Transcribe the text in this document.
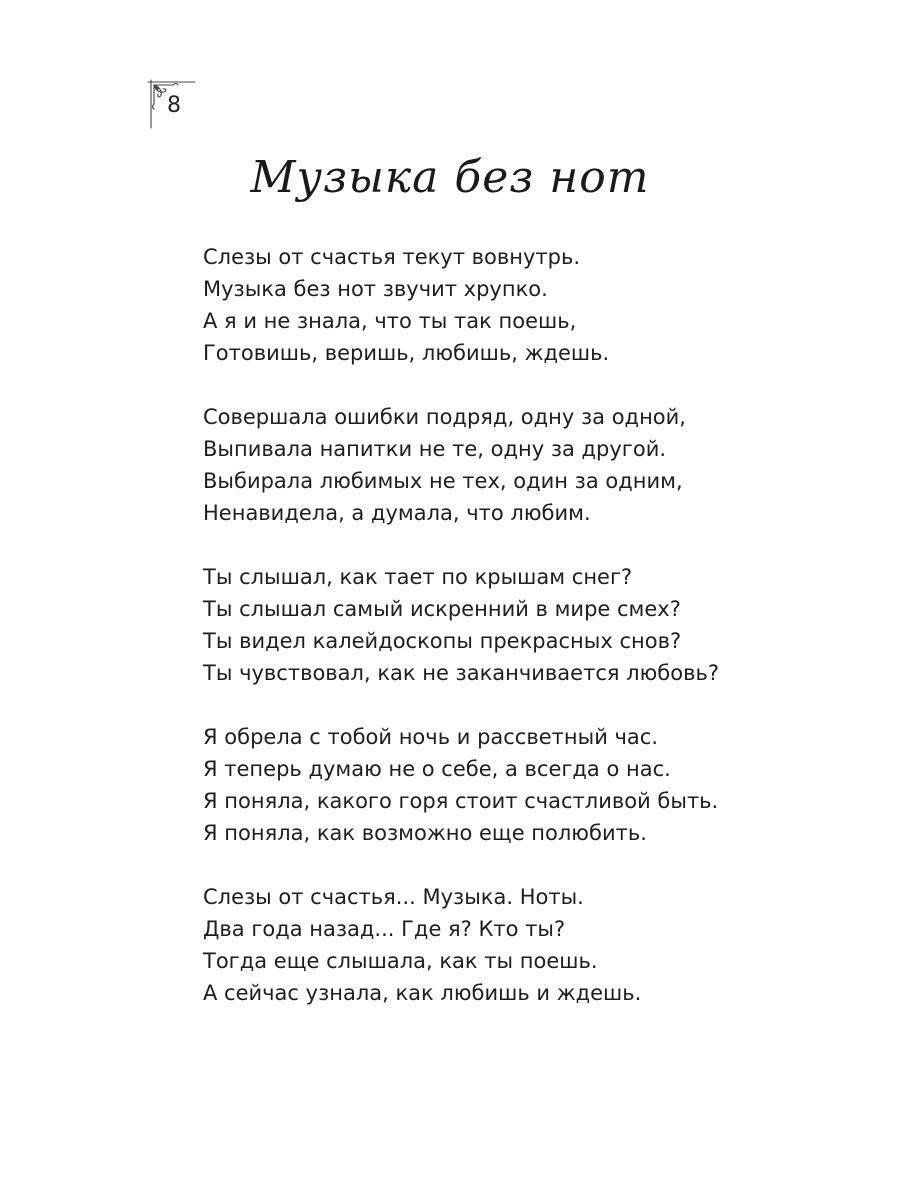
8
Музыка без нот
Слезы от счастья текут вовнутрь.
Музыка без нот звучит хрупко.
А я и не знала, что ты так поешь,
Готовишь, веришь, любишь, ждешь.
Совершала ошибки подряд, одну за одной,
Выпивала напитки не те, одну за другой.
Выбирала любимых не тех, один за одним,
Ненавидела, а думала, что любим.
Ты слышал, как тает по крышам снег?
Ты слышал самый искренний в мире смех?
Ты видел калейдоскопы прекрасных снов?
Ты чувствовал, как не заканчивается любовь?
Я обрела с тобой ночь и рассветный час.
Я теперь думаю не о себе, а всегда о нас.
Я поняла, какого горя стоит счастливой быть.
Я поняла, как возможно еще полюбить.
Слезы от счастья... Музыка. Ноты.
Два года назад... Где я? Кто ты?
Тогда еще слышала, как ты поешь.
А сейчас узнала, как любишь и ждешь.
